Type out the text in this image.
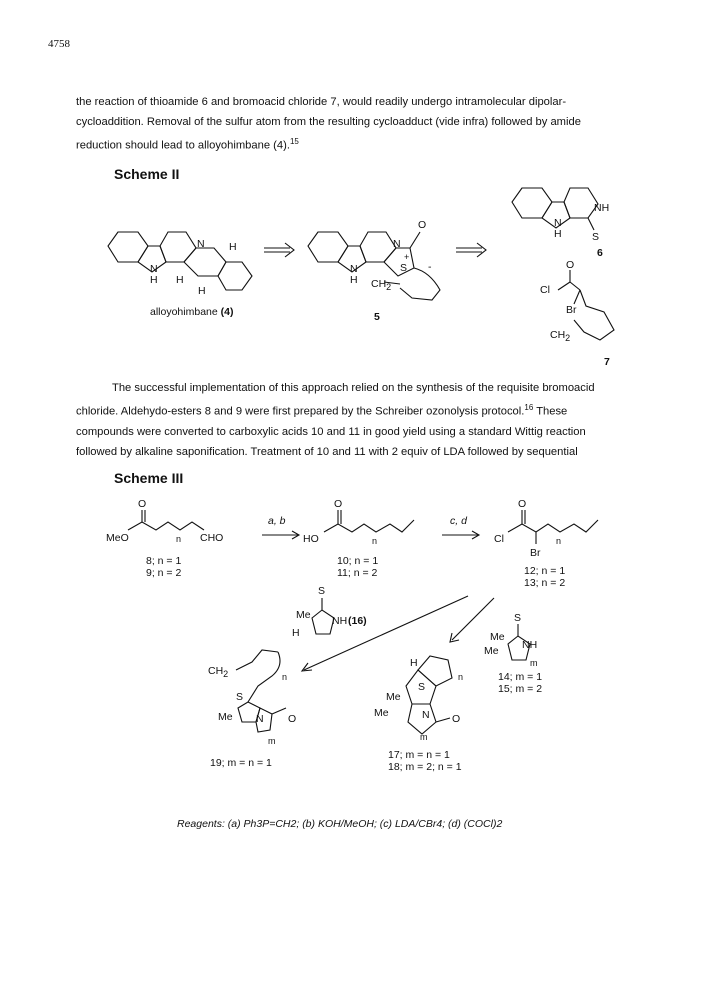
4758
the reaction of thioamide 6 and bromoacid chloride 7, would readily undergo intramolecular dipolar-
cycloaddition. Removal of the sulfur atom from the resulting cycloadduct (vide infra) followed by amide
reduction should lead to alloyohimbane (4).$^{15}$
Scheme II
N H
N
H H
H
O
N
+
S -
N
H CH2
NH
N
H	S
6
O
Cl
Br
CH2
alloyohimbane (4)	5
7
The successful implementation of this approach relied on the synthesis of the requisite bromoacid
chloride. Aldehydo-esters 8 and 9 were first prepared by the Schreiber ozonolysis protocol.$^{16}$ These
compounds were converted to carboxylic acids 10 and 11 in good yield using a standard Wittig reaction
followed by alkaline saponification. Treatment of 10 and 11 with 2 equiv of LDA followed by sequential
Scheme III
O
MeO	n CHO
8; n = 1
9; n = 2
a, b
O
HO	n
10; n = 1
11; n = 2
c, d
O
Cl
Br
n
12; n = 1
13; n = 2
S
Me
H
NH (16)	S
Me
Me NH
m
14; m = 1
15; m = 2
CH2	n
S
Me N O
m
19; m = n = 1
H
n
S
Me
Me	N O
m
17; m = n = 1
18; m = 2; n = 1
Reagents: (a) Ph3P=CH2; (b) KOH/MeOH; (c) LDA/CBr4; (d) (COCl)2
